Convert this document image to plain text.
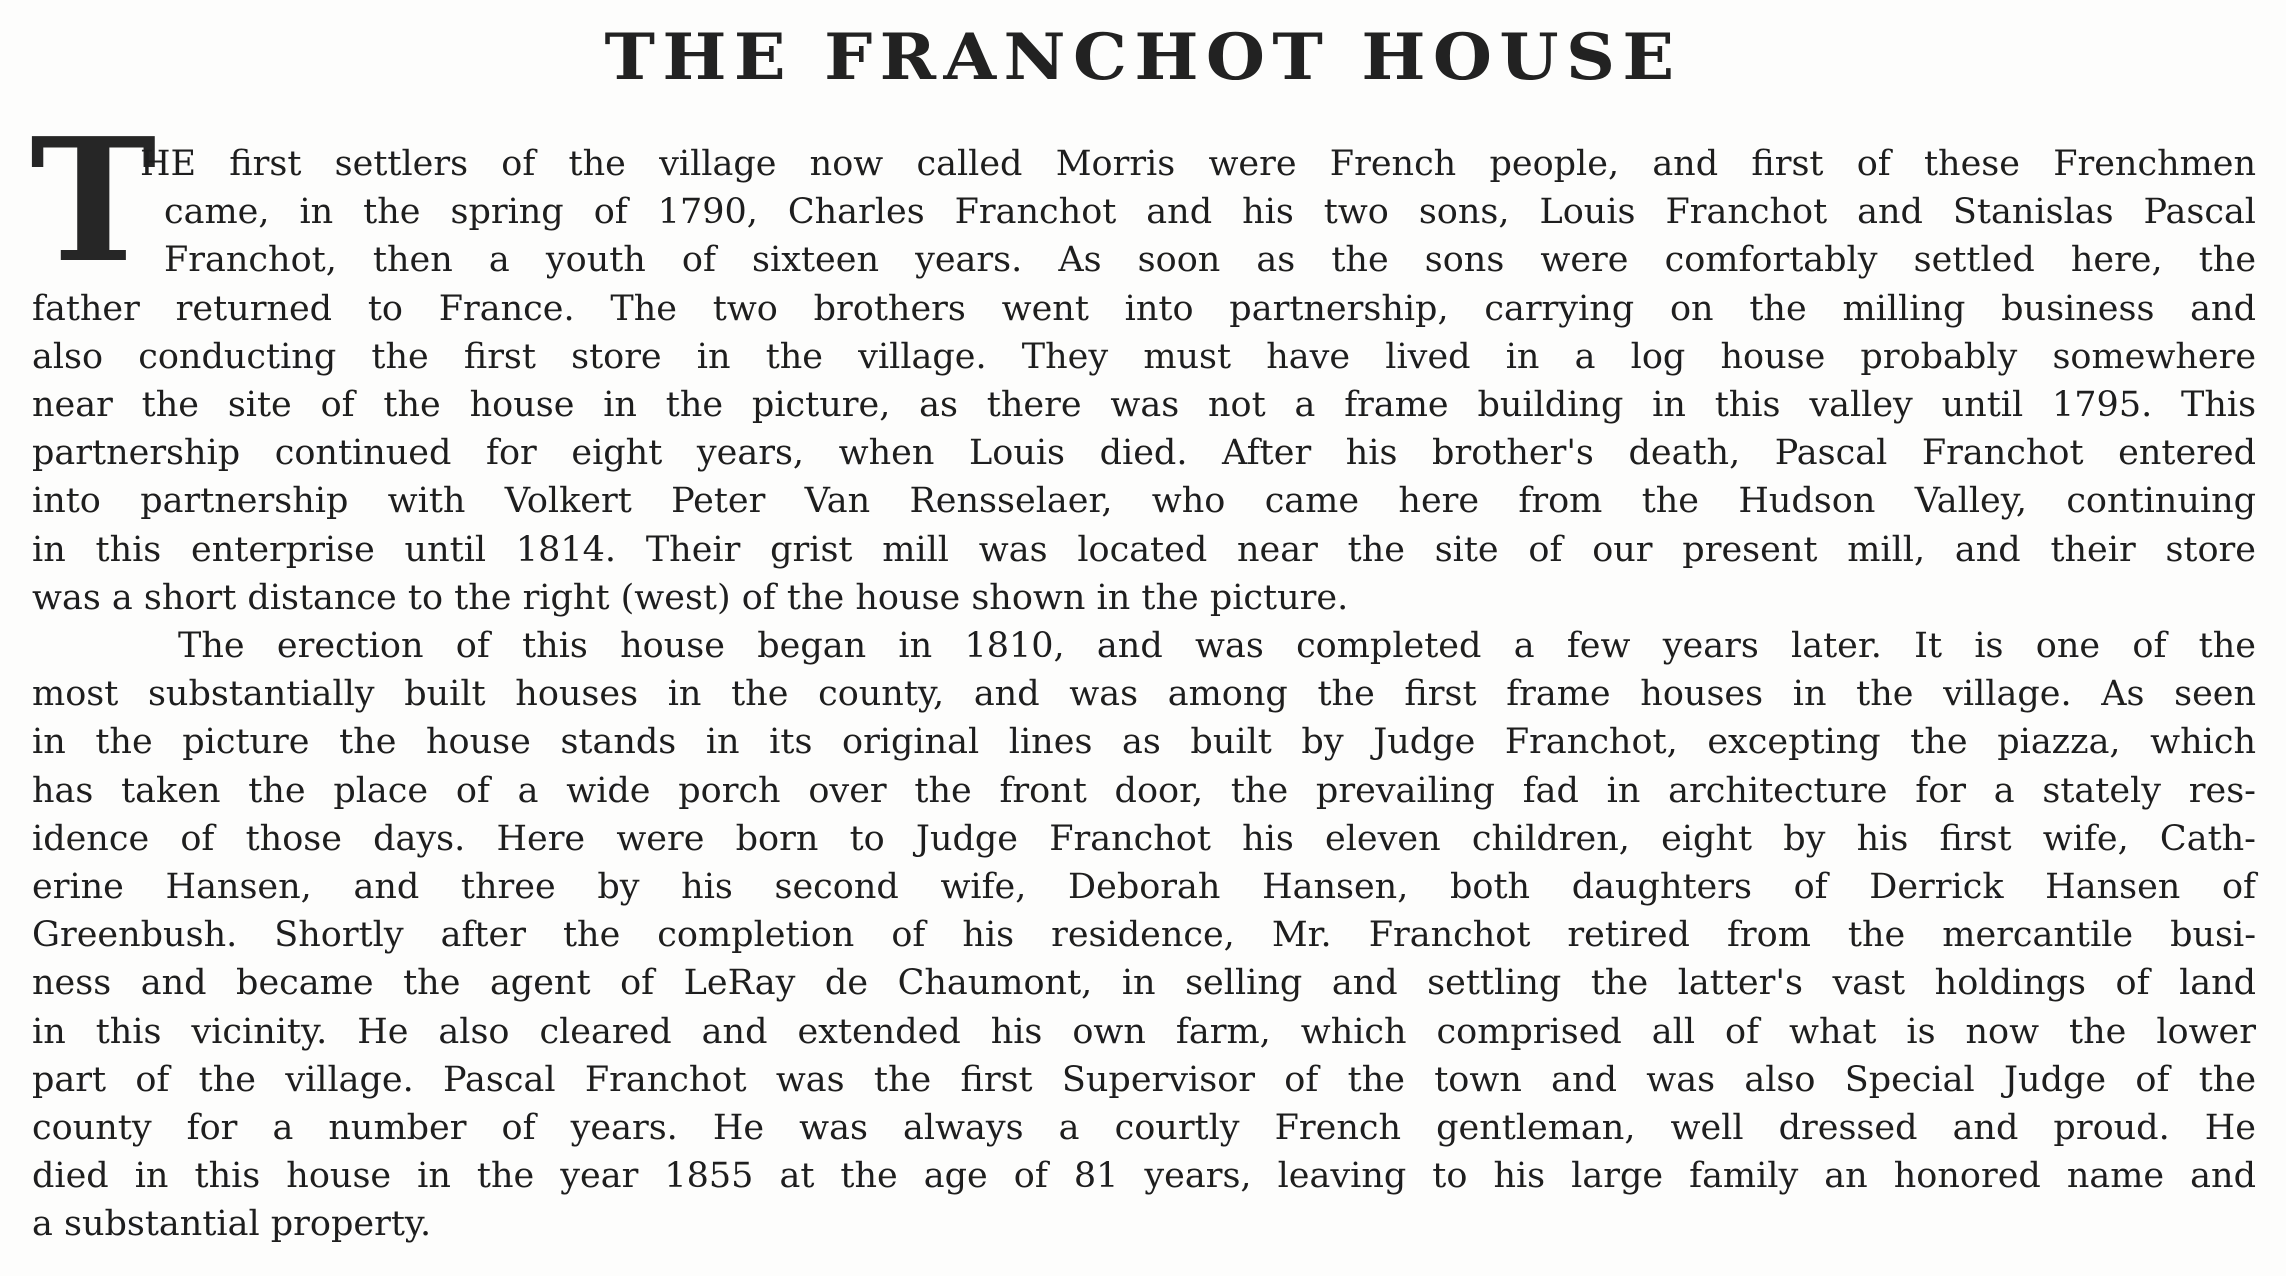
THE FRANCHOT HOUSE
T

HE first settlers of the village now called Morris were French people, and first of these Frenchmen

came, in the spring of 1790, Charles Franchot and his two sons, Louis Franchot and Stanislas Pascal

Franchot, then a youth of sixteen years. As soon as the sons were comfortably settled here, the

father returned to France. The two brothers went into partnership, carrying on the milling business and

also conducting the first store in the village. They must have lived in a log house probably somewhere

near the site of the house in the picture, as there was not a frame building in this valley until 1795. This

partnership continued for eight years, when Louis died. After his brother's death, Pascal Franchot entered

into partnership with Volkert Peter Van Rensselaer, who came here from the Hudson Valley, continuing

in this enterprise until 1814. Their grist mill was located near the site of our present mill, and their store

was a short distance to the right (west) of the house shown in the picture.

The erection of this house began in 1810, and was completed a few years later. It is one of the

most substantially built houses in the county, and was among the first frame houses in the village. As seen

in the picture the house stands in its original lines as built by Judge Franchot, excepting the piazza, which

has taken the place of a wide porch over the front door, the prevailing fad in architecture for a stately res-

idence of those days. Here were born to Judge Franchot his eleven children, eight by his first wife, Cath-

erine Hansen, and three by his second wife, Deborah Hansen, both daughters of Derrick Hansen of

Greenbush. Shortly after the completion of his residence, Mr. Franchot retired from the mercantile busi-

ness and became the agent of LeRay de Chaumont, in selling and settling the latter's vast holdings of land

in this vicinity. He also cleared and extended his own farm, which comprised all of what is now the lower

part of the village. Pascal Franchot was the first Supervisor of the town and was also Special Judge of the

county for a number of years. He was always a courtly French gentleman, well dressed and proud. He

died in this house in the year 1855 at the age of 81 years, leaving to his large family an honored name and

a substantial property.
